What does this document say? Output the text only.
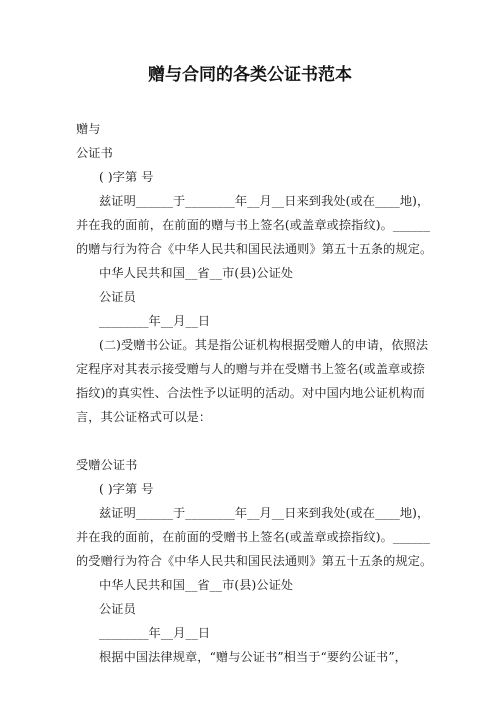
赠与合同的各类公证书范本
赠与
公证书
( )字第 号
兹证明______于________年__月__日来到我处(或在____地)，
并在我的面前，在前面的赠与书上签名(或盖章或捺指纹)。______
的赠与行为符合《中华人民共和国民法通则》第五十五条的规定。
中华人民共和国__省__市(县)公证处
公证员
________年__月__日
(二)受赠书公证。其是指公证机构根据受赠人的申请，依照法
定程序对其表示接受赠与人的赠与并在受赠书上签名(或盖章或捺
指纹)的真实性、合法性予以证明的活动。对中国内地公证机构而
言，其公证格式可以是：
受赠公证书
( )字第 号
兹证明______于________年__月__日来到我处(或在____地)，
并在我的面前，在前面的受赠书上签名(或盖章或捺指纹)。______
的受赠行为符合《中华人民共和国民法通则》第五十五条的规定。
中华人民共和国__省__市(县)公证处
公证员
________年__月__日
根据中国法律规章，“赠与公证书”相当于“要约公证书”，
